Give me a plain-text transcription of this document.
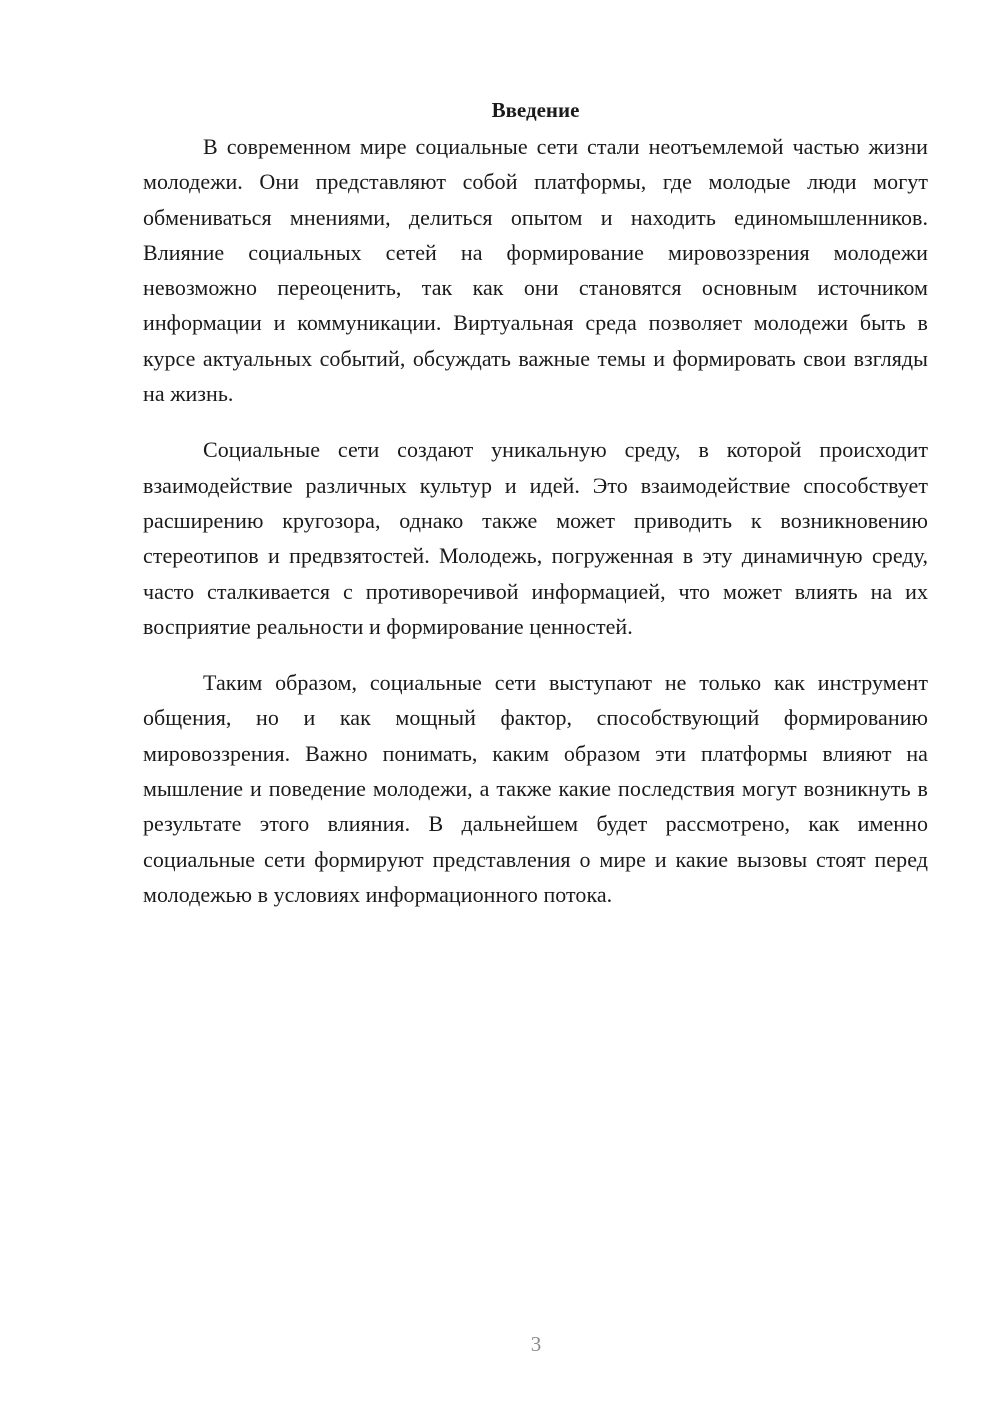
Введение

В современном мире социальные сети стали неотъемлемой частью жизни молодежи. Они представляют собой платформы, где молодые люди могут обмениваться мнениями, делиться опытом и находить единомышленников. Влияние социальных сетей на формирование мировоззрения молодежи невозможно переоценить, так как они становятся основным источником информации и коммуникации. Виртуальная среда позволяет молодежи быть в курсе актуальных событий, обсуждать важные темы и формировать свои взгляды на жизнь.

Социальные сети создают уникальную среду, в которой происходит взаимодействие различных культур и идей. Это взаимодействие способствует расширению кругозора, однако также может приводить к возникновению стереотипов и предвзятостей. Молодежь, погруженная в эту динамичную среду, часто сталкивается с противоречивой информацией, что может влиять на их восприятие реальности и формирование ценностей.

Таким образом, социальные сети выступают не только как инструмент общения, но и как мощный фактор, способствующий формированию мировоззрения. Важно понимать, каким образом эти платформы влияют на мышление и поведение молодежи, а также какие последствия могут возникнуть в результате этого влияния. В дальнейшем будет рассмотрено, как именно социальные сети формируют представления о мире и какие вызовы стоят перед молодежью в условиях информационного потока.

3
